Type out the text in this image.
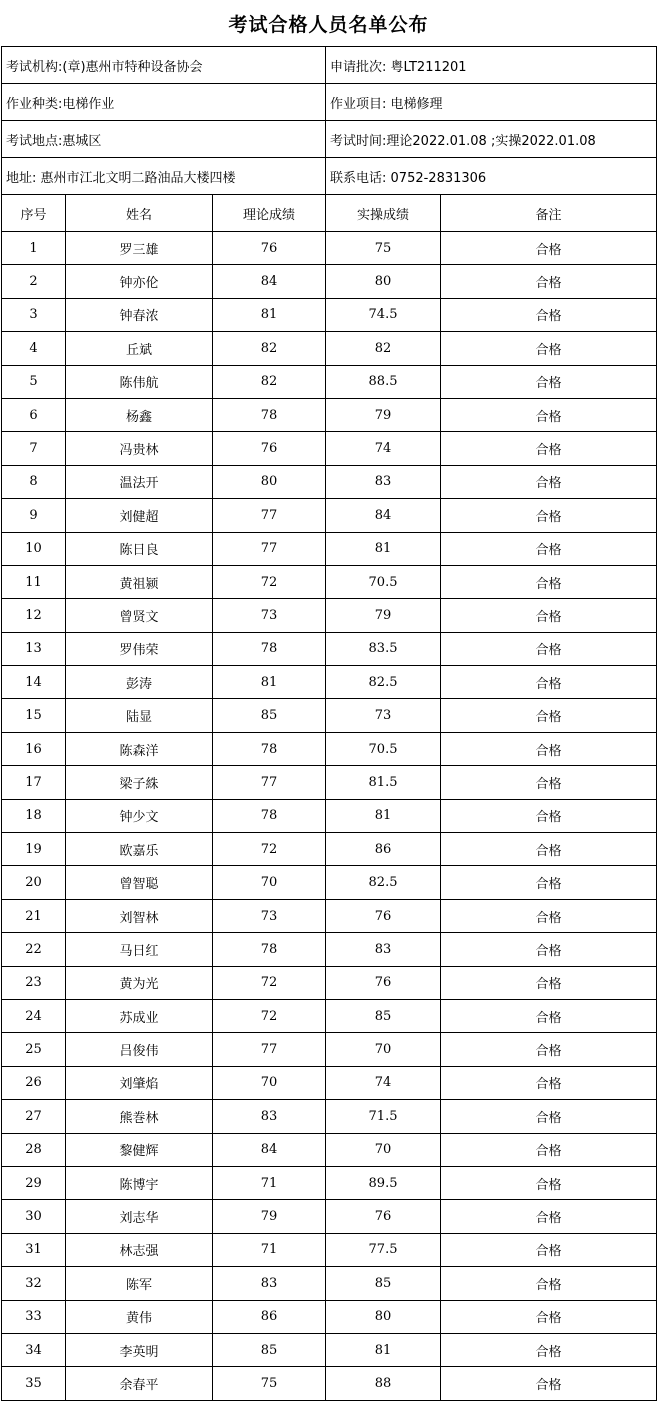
考试合格人员名单公布
考试机构:(章)惠州市特种设备协会			申请批次: 粤LT211201	
作业种类:电梯作业			作业项目: 电梯修理	
考试地点:惠城区			考试时间:理论2022.01.08 ;实操2022.01.08	
地址: 惠州市江北文明二路油品大楼四楼			联系电话: 0752-2831306	
序号	姓名	理论成绩	实操成绩	备注
1	罗三雄	76	75	合格
2	钟亦伦	84	80	合格
3	钟春浓	81	74.5	合格
4	丘斌	82	82	合格
5	陈伟航	82	88.5	合格
6	杨鑫	78	79	合格
7	冯贵林	76	74	合格
8	温法开	80	83	合格
9	刘健超	77	84	合格
10	陈日良	77	81	合格
11	黄祖颍	72	70.5	合格
12	曾贤文	73	79	合格
13	罗伟荣	78	83.5	合格
14	彭涛	81	82.5	合格
15	陆显	85	73	合格
16	陈森洋	78	70.5	合格
17	梁子絑	77	81.5	合格
18	钟少文	78	81	合格
19	欧嘉乐	72	86	合格
20	曾智聪	70	82.5	合格
21	刘智林	73	76	合格
22	马日红	78	83	合格
23	黄为光	72	76	合格
24	苏成业	72	85	合格
25	吕俊伟	77	70	合格
26	刘肇焰	70	74	合格
27	熊巻林	83	71.5	合格
28	黎健辉	84	70	合格
29	陈博宇	71	89.5	合格
30	刘志华	79	76	合格
31	林志强	71	77.5	合格
32	陈军	83	85	合格
33	黄伟	86	80	合格
34	李英明	85	81	合格
35	余春平	75	88	合格
